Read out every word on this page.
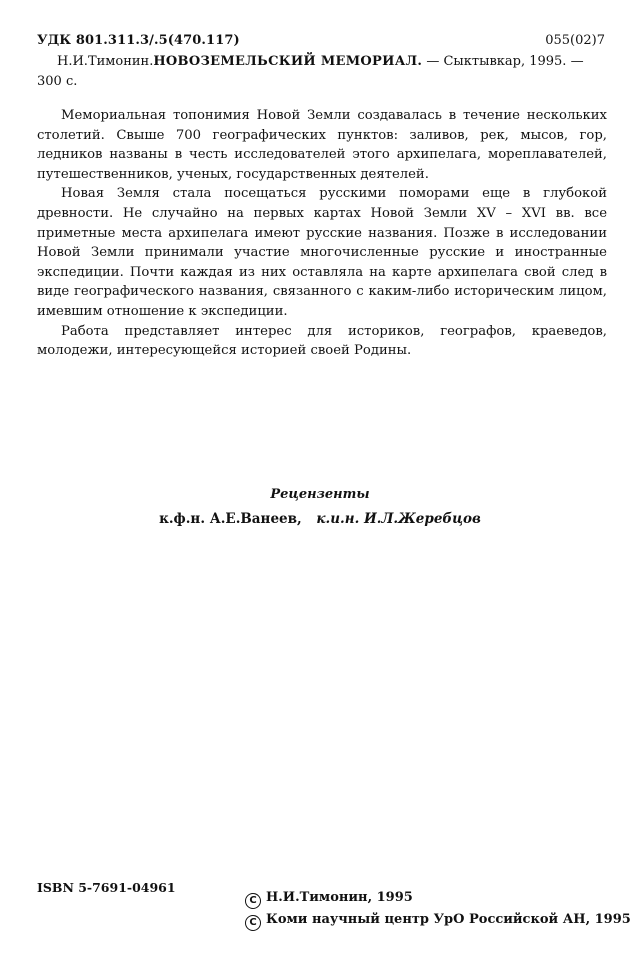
УДК 801.311.3/.5(470.117)	055(02)7

Н.И.Тимонин.НОВОЗЕМЕЛЬСКИЙ МЕМОРИАЛ. — Сыктывкар, 1995. — 300 с.

Мемориальная топонимия Новой Земли создавалась в течение нескольких столетий. Свыше 700 географических пунктов: заливов, рек, мысов, гор, ледников названы в честь исследователей этого архипелага, мореплавателей, путешественников, ученых, государственных деятелей.

Новая Земля стала посещаться русскими поморами еще в глубокой древности. Не случайно на первых картах Новой Земли XV – XVI вв. все приметные места архипелага имеют русские названия. Позже в исследовании Новой Земли принимали участие многочисленные русские и иностранные экспедиции. Почти каждая из них оставляла на карте архипелага свой след в виде географического названия, связанного с каким-либо историческим лицом, имевшим отношение к экспедиции.

Работа представляет интерес для историков, географов, краеведов, молодежи, интересующейся историей своей Родины.

Рецензенты
к.ф.н. А.Е.Ванеев, к.и.н. И.Л.Жеребцов
ISBN 5-7691-04961
C Н.И.Тимонин, 1995
C Коми научный центр УрО Российской АН, 1995
